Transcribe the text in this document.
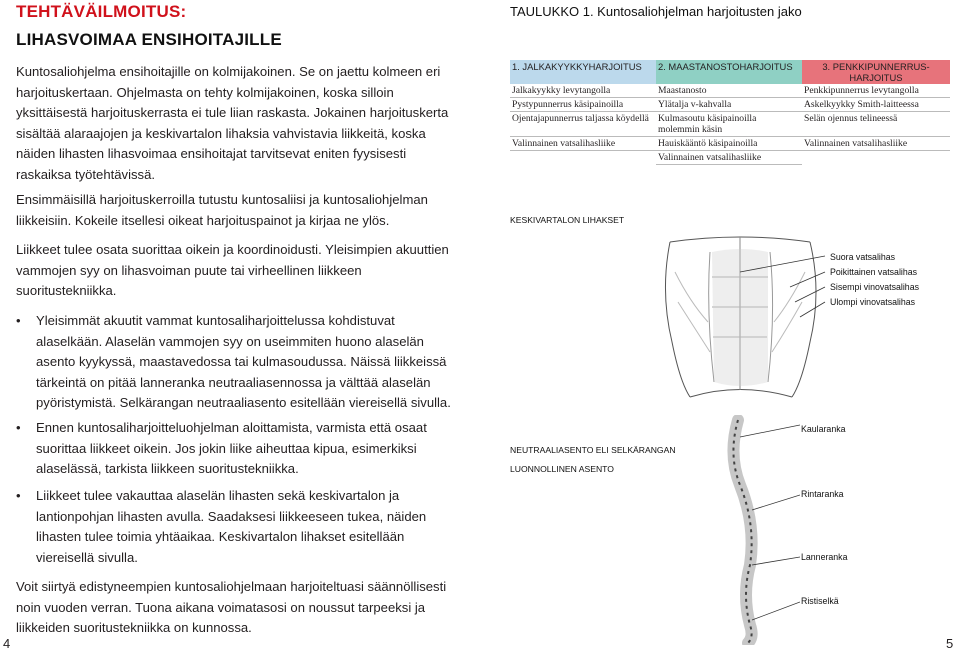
TEHTÄVÄILMOITUS:
LIHASVOIMAA ENSIHOITAJILLE
Kuntosaliohjelma ensihoitajille on kolmijakoinen. Se on jaettu kolmeen eri harjoituskertaan. Ohjelmasta on tehty kolmijakoinen, koska silloin yksittäisestä harjoituskerrasta ei tule liian raskasta. Jokainen harjoituskerta sisältää alaraajojen ja keskivartalon lihaksia vahvistavia liikkeitä, koska näiden lihasten lihasvoimaa ensihoitajat tarvitsevat eniten fyysisesti raskaiksa työtehtävissä.
Ensimmäisillä harjoituskerroilla tutustu kuntosaliisi ja kuntosaliohjelman liikkeisiin. Kokeile itsellesi oikeat harjoituspainot ja kirjaa ne ylös.
Liikkeet tulee osata suorittaa oikein ja koordinoidusti. Yleisimpien akuuttien vammojen syy on lihasvoiman puute tai virheellinen liikkeen suoritustekniikka.
• Yleisimmät akuutit vammat kuntosaliharjoittelussa kohdistuvat alaselkään. Alaselän vammojen syy on useimmiten huono alaselän asento kyykyssä, maastavedossa tai kulmasoudussa. Näissä liikkeissä tärkeintä on pitää lanneranka neutraaliasennossa ja välttää alaselän pyöristymistä. Selkärangan neutraaliasento esitellään viereisellä sivulla.
• Ennen kuntosaliharjoitteluohjelman aloittamista, varmista että osaat suorittaa liikkeet oikein. Jos jokin liike aiheuttaa kipua, esimerkiksi alaselässä, tarkista liikkeen suoritustekniikka.
• Liikkeet tulee vakauttaa alaselän lihasten sekä keskivartalon ja lantionpohjan lihasten avulla. Saadaksesi liikkeeseen tukea, näiden lihasten tulee toimia yhtäaikaa. Keskivartalon lihakset esitellään viereisellä sivulla.
Voit siirtyä edistyneempien kuntosaliohjelmaan harjoiteltuasi säännöllisesti noin vuoden verran. Tuona aikana voimatasosi on noussut tarpeeksi ja liikkeiden suoritustekniikka on kunnossa.
4
TAULUKKO 1. Kuntosaliohjelman harjoitusten jako
1. JALKAKYYKKYHARJOITUS	2. MAASTANOSTOHARJOITUS	3. PENKKIPUNNERRUS-HARJOITUS

Jalkakyykky levytangolla	Maastanosto	Penkkipunnerrus levytangolla
Pystypunnerrus käsipainoilla	Ylätalja v-kahvalla	Askelkyykky Smith-laitteessa
Ojentajapunnerrus taljassa köydellä	Kulmasoutu käsipainoilla molemmin käsin	Selän ojennus telineessä
Valinnainen vatsalihasliike	Hauiskääntö käsipainoilla	Valinnainen vatsalihasliike
	Valinnainen vatsalihasliike	
KESKIVARTALON LIHAKSET
Suora vatsalihas
Poikittainen vatsalihas
Sisempi vinovatsalihas
Ulompi vinovatsalihas
NEUTRAALIASENTO ELI SELKÄRANGAN
LUONNOLLINEN ASENTO
Kaularanka
Rintaranka
Lanneranka
Ristiselkä
5
